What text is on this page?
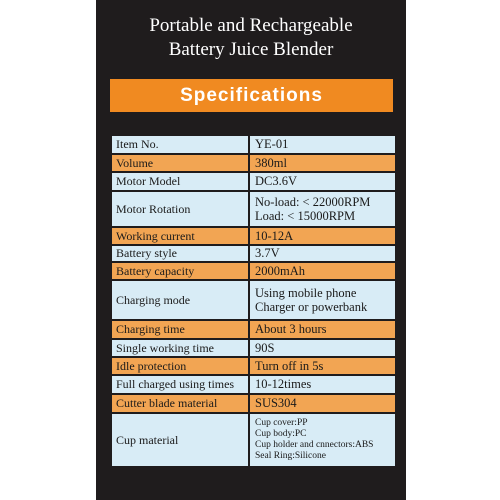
Portable and Rechargeable
Battery Juice Blender
Specifications
Item No.	YE-01
Volume	380ml
Motor Model	DC3.6V
Motor Rotation	No-load: < 22000RPM
Load: < 15000RPM
Working current	10-12A
Battery style	3.7V
Battery capacity	2000mAh
Charging mode	Using mobile phone
Charger or powerbank
Charging time	About 3 hours
Single working time	90S
Idle protection	Turn off in 5s
Full charged using times	10-12times
Cutter blade material	SUS304
Cup material
Cup cover:PP
Cup body:PC
Cup holder and cnnectors:ABS
Seal Ring:Silicone
